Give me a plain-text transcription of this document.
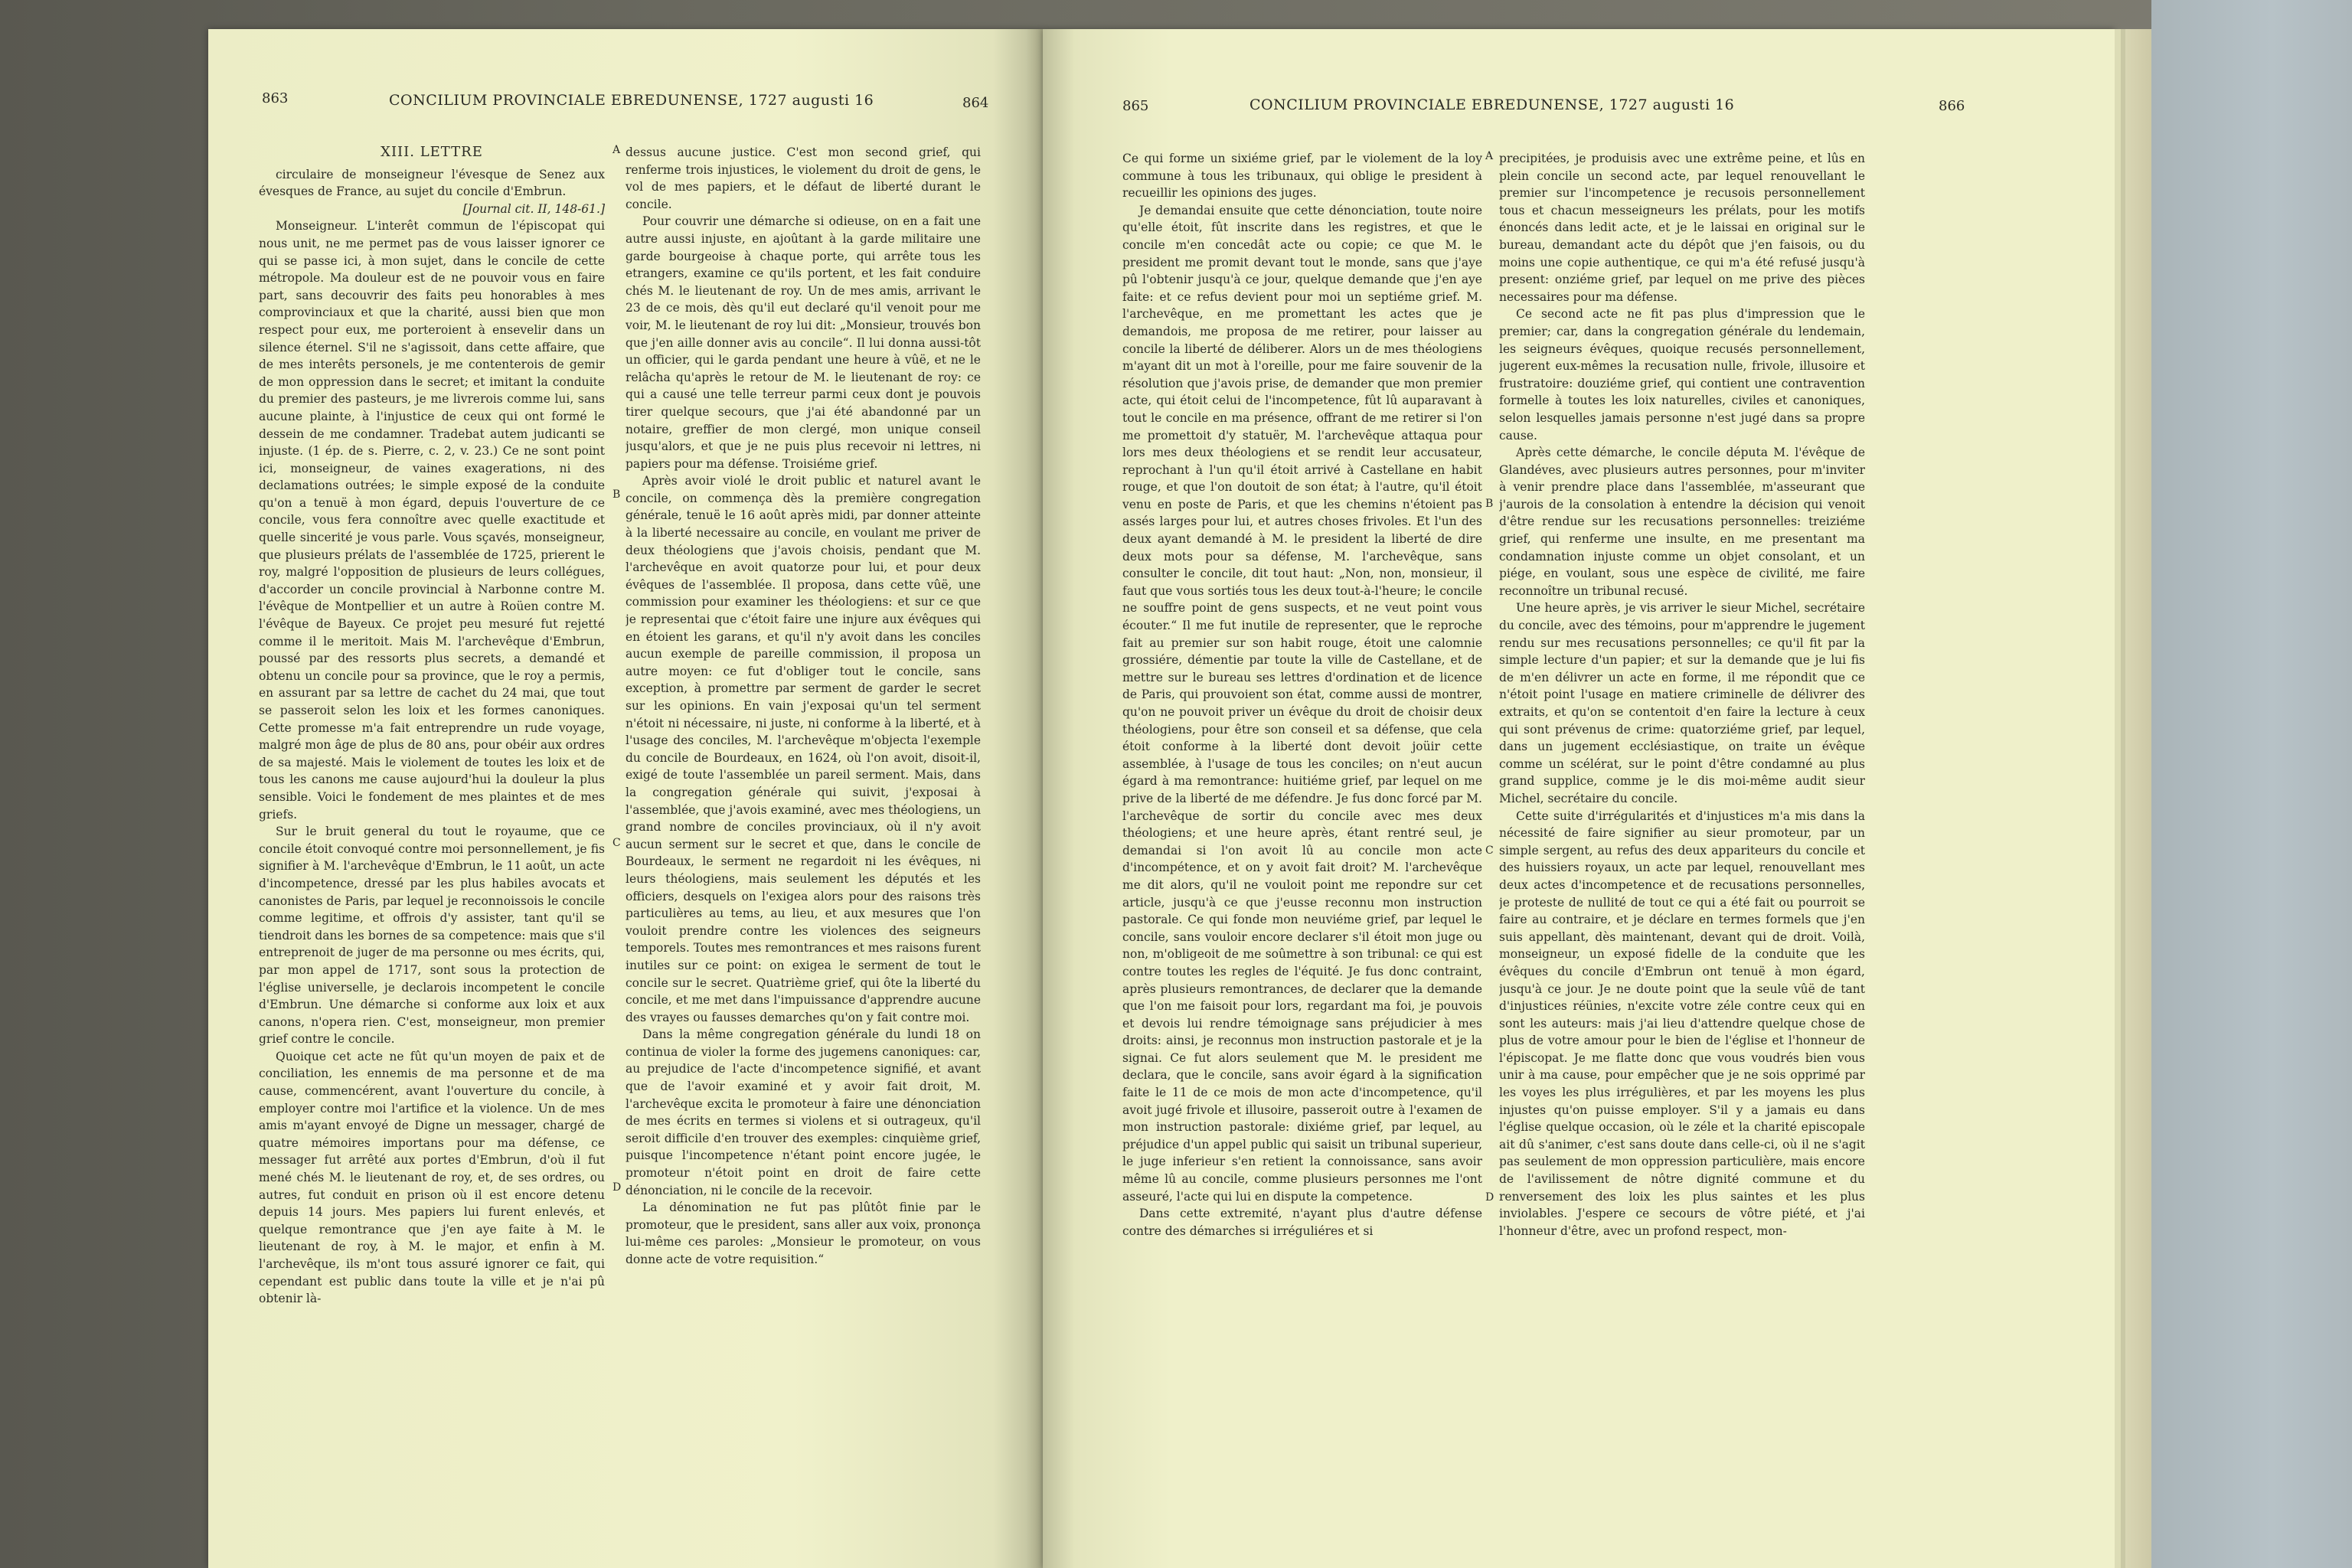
863	CONCILIUM PROVINCIALE EBREDUNENSE, 1727 augusti 16	864
XIII. LETTRE

circulaire de monseigneur l'évesque de Senez aux évesques de France, au sujet du concile d'Embrun.

[Journal cit. II, 148-61.]

Monseigneur. L'interêt commun de l'épiscopat qui nous unit, ne me permet pas de vous laisser ignorer ce qui se passe ici, à mon sujet, dans le concile de cette métropole. Ma douleur est de ne pouvoir vous en faire part, sans decouvrir des faits peu honorables à mes comprovinciaux et que la charité, aussi bien que mon respect pour eux, me porteroient à ensevelir dans un silence éternel. S'il ne s'agissoit, dans cette affaire, que de mes interêts personels, je me contenterois de gemir de mon oppression dans le secret; et imitant la conduite du premier des pasteurs, je me livrerois comme lui, sans aucune plainte, à l'injustice de ceux qui ont formé le dessein de me condamner. Tradebat autem judicanti se injuste. (1 ép. de s. Pierre, c. 2, v. 23.) Ce ne sont point ici, monseigneur, de vaines exagerations, ni des declamations outrées; le simple exposé de la conduite qu'on a tenuë à mon égard, depuis l'ouverture de ce concile, vous fera connoître avec quelle exactitude et quelle sincerité je vous parle. Vous sçavés, monseigneur, que plusieurs prélats de l'assemblée de 1725, prierent le roy, malgré l'opposition de plusieurs de leurs collégues, d'accorder un concile provincial à Narbonne contre M. l'évêque de Montpellier et un autre à Roüen contre M. l'évêque de Bayeux. Ce projet peu mesuré fut rejetté comme il le meritoit. Mais M. l'archevêque d'Embrun, poussé par des ressorts plus secrets, a demandé et obtenu un concile pour sa province, que le roy a permis, en assurant par sa lettre de cachet du 24 mai, que tout se passeroit selon les loix et les formes canoniques. Cette promesse m'a fait entreprendre un rude voyage, malgré mon âge de plus de 80 ans, pour obéir aux ordres de sa majesté. Mais le violement de toutes les loix et de tous les canons me cause aujourd'hui la douleur la plus sensible. Voici le fondement de mes plaintes et de mes griefs.

Sur le bruit general du tout le royaume, que ce concile étoit convoqué contre moi personnellement, je fis signifier à M. l'archevêque d'Embrun, le 11 août, un acte d'incompetence, dressé par les plus habiles avocats et canonistes de Paris, par lequel je reconnoissois le concile comme legitime, et offrois d'y assister, tant qu'il se tiendroit dans les bornes de sa competence: mais que s'il entreprenoit de juger de ma personne ou mes écrits, qui, par mon appel de 1717, sont sous la protection de l'église universelle, je declarois incompetent le concile d'Embrun. Une démarche si conforme aux loix et aux canons, n'opera rien. C'est, monseigneur, mon premier grief contre le concile.

Quoique cet acte ne fût qu'un moyen de paix et de conciliation, les ennemis de ma personne et de ma cause, commencérent, avant l'ouverture du concile, à employer contre moi l'artifice et la violence. Un de mes amis m'ayant envoyé de Digne un messager, chargé de quatre mémoires importans pour ma défense, ce messager fut arrêté aux portes d'Embrun, d'où il fut mené chés M. le lieutenant de roy, et, de ses ordres, ou autres, fut conduit en prison où il est encore detenu depuis 14 jours. Mes papiers lui furent enlevés, et quelque remontrance que j'en aye faite à M. le lieutenant de roy, à M. le major, et enfin à M. l'archevêque, ils m'ont tous assuré ignorer ce fait, qui cependant est public dans toute la ville et je n'ai pû obtenir là-

A
B
C
D

dessus aucune justice. C'est mon second grief, qui renferme trois injustices, le violement du droit de gens, le vol de mes papiers, et le défaut de liberté durant le concile.

Pour couvrir une démarche si odieuse, on en a fait une autre aussi injuste, en ajoûtant à la garde militaire une garde bourgeoise à chaque porte, qui arrête tous les etrangers, examine ce qu'ils portent, et les fait conduire chés M. le lieutenant de roy. Un de mes amis, arrivant le 23 de ce mois, dès qu'il eut declaré qu'il venoit pour me voir, M. le lieutenant de roy lui dit: „Monsieur, trouvés bon que j'en aille donner avis au concile“. Il lui donna aussi-tôt un officier, qui le garda pendant une heure à vûë, et ne le relâcha qu'après le retour de M. le lieutenant de roy: ce qui a causé une telle terreur parmi ceux dont je pouvois tirer quelque secours, que j'ai été abandonné par un notaire, greffier de mon clergé, mon unique conseil jusqu'alors, et que je ne puis plus recevoir ni lettres, ni papiers pour ma défense. Troisiéme grief.

Après avoir violé le droit public et naturel avant le concile, on commença dès la première congregation générale, tenuë le 16 août après midi, par donner atteinte à la liberté necessaire au concile, en voulant me priver de deux théologiens que j'avois choisis, pendant que M. l'archevêque en avoit quatorze pour lui, et pour deux évêques de l'assemblée. Il proposa, dans cette vûë, une commission pour examiner les théologiens: et sur ce que je representai que c'étoit faire une injure aux évêques qui en étoient les garans, et qu'il n'y avoit dans les conciles aucun exemple de pareille commission, il proposa un autre moyen: ce fut d'obliger tout le concile, sans exception, à promettre par serment de garder le secret sur les opinions. En vain j'exposai qu'un tel serment n'étoit ni nécessaire, ni juste, ni conforme à la liberté, et à l'usage des conciles, M. l'archevêque m'objecta l'exemple du concile de Bourdeaux, en 1624, où l'on avoit, disoit-il, exigé de toute l'assemblée un pareil serment. Mais, dans la congregation générale qui suivit, j'exposai à l'assemblée, que j'avois examiné, avec mes théologiens, un grand nombre de conciles provinciaux, où il n'y avoit aucun serment sur le secret et que, dans le concile de Bourdeaux, le serment ne regardoit ni les évêques, ni leurs théologiens, mais seulement les députés et les officiers, desquels on l'exigea alors pour des raisons très particulières au tems, au lieu, et aux mesures que l'on vouloit prendre contre les violences des seigneurs temporels. Toutes mes remontrances et mes raisons furent inutiles sur ce point: on exigea le serment de tout le concile sur le secret. Quatrième grief, qui ôte la liberté du concile, et me met dans l'impuissance d'apprendre aucune des vrayes ou fausses demarches qu'on y fait contre moi.

Dans la même congregation générale du lundi 18 on continua de violer la forme des jugemens canoniques: car, au prejudice de l'acte d'incompetence signifié, et avant que de l'avoir examiné et y avoir fait droit, M. l'archevêque excita le promoteur à faire une dénonciation de mes écrits en termes si violens et si outrageux, qu'il seroit difficile d'en trouver des exemples: cinquième grief, puisque l'incompetence n'étant point encore jugée, le promoteur n'étoit point en droit de faire cette dénonciation, ni le concile de la recevoir.

La dénomination ne fut pas plûtôt finie par le promoteur, que le president, sans aller aux voix, prononça lui-même ces paroles: „Monsieur le promoteur, on vous donne acte de votre requisition.“

865	CONCILIUM PROVINCIALE EBREDUNENSE, 1727 augusti 16	866

Ce qui forme un sixiéme grief, par le violement de la loy commune à tous les tribunaux, qui oblige le president à recueillir les opinions des juges.

Je demandai ensuite que cette dénonciation, toute noire qu'elle étoit, fût inscrite dans les registres, et que le concile m'en concedât acte ou copie; ce que M. le president me promit devant tout le monde, sans que j'aye pû l'obtenir jusqu'à ce jour, quelque demande que j'en aye faite: et ce refus devient pour moi un septiéme grief. M. l'archevêque, en me promettant les actes que je demandois, me proposa de me retirer, pour laisser au concile la liberté de déliberer. Alors un de mes théologiens m'ayant dit un mot à l'oreille, pour me faire souvenir de la résolution que j'avois prise, de demander que mon premier acte, qui étoit celui de l'incompetence, fût lû auparavant à tout le concile en ma présence, offrant de me retirer si l'on me promettoit d'y statuër, M. l'archevêque attaqua pour lors mes deux théologiens et se rendit leur accusateur, reprochant à l'un qu'il étoit arrivé à Castellane en habit rouge, et que l'on doutoit de son état; à l'autre, qu'il étoit venu en poste de Paris, et que les chemins n'étoient pas assés larges pour lui, et autres choses frivoles. Et l'un des deux ayant demandé à M. le president la liberté de dire deux mots pour sa défense, M. l'archevêque, sans consulter le concile, dit tout haut: „Non, non, monsieur, il faut que vous sortiés tous les deux tout-à-l'heure; le concile ne souffre point de gens suspects, et ne veut point vous écouter.“ Il me fut inutile de representer, que le reproche fait au premier sur son habit rouge, étoit une calomnie grossiére, démentie par toute la ville de Castellane, et de mettre sur le bureau ses lettres d'ordination et de licence de Paris, qui prouvoient son état, comme aussi de montrer, qu'on ne pouvoit priver un évêque du droit de choisir deux théologiens, pour être son conseil et sa défense, que cela étoit conforme à la liberté dont devoit joüir cette assemblée, à l'usage de tous les conciles; on n'eut aucun égard à ma remontrance: huitiéme grief, par lequel on me prive de la liberté de me défendre. Je fus donc forcé par M. l'archevêque de sortir du concile avec mes deux théologiens; et une heure après, étant rentré seul, je demandai si l'on avoit lû au concile mon acte d'incompétence, et on y avoit fait droit? M. l'archevêque me dit alors, qu'il ne vouloit point me repondre sur cet article, jusqu'à ce que j'eusse reconnu mon instruction pastorale. Ce qui fonde mon neuviéme grief, par lequel le concile, sans vouloir encore declarer s'il étoit mon juge ou non, m'obligeoit de me soûmettre à son tribunal: ce qui est contre toutes les regles de l'équité. Je fus donc contraint, après plusieurs remontrances, de declarer que la demande que l'on me faisoit pour lors, regardant ma foi, je pouvois et devois lui rendre témoignage sans préjudicier à mes droits: ainsi, je reconnus mon instruction pastorale et je la signai. Ce fut alors seulement que M. le president me declara, que le concile, sans avoir égard à la signification faite le 11 de ce mois de mon acte d'incompetence, qu'il avoit jugé frivole et illusoire, passeroit outre à l'examen de mon instruction pastorale: dixiéme grief, par lequel, au préjudice d'un appel public qui saisit un tribunal superieur, le juge inferieur s'en retient la connoissance, sans avoir même lû au concile, comme plusieurs personnes me l'ont asseuré, l'acte qui lui en dispute la competence.

Dans cette extremité, n'ayant plus d'autre défense contre des démarches si irréguliéres et si

A
B
C
D

precipitées, je produisis avec une extrême peine, et lûs en plein concile un second acte, par lequel renouvellant le premier sur l'incompetence je recusois personnellement tous et chacun messeigneurs les prélats, pour les motifs énoncés dans ledit acte, et je le laissai en original sur le bureau, demandant acte du dépôt que j'en faisois, ou du moins une copie authentique, ce qui m'a été refusé jusqu'à present: onziéme grief, par lequel on me prive des pièces necessaires pour ma défense.

Ce second acte ne fit pas plus d'impression que le premier; car, dans la congregation générale du lendemain, les seigneurs évêques, quoique recusés personnellement, jugerent eux-mêmes la recusation nulle, frivole, illusoire et frustratoire: douziéme grief, qui contient une contravention formelle à toutes les loix naturelles, civiles et canoniques, selon lesquelles jamais personne n'est jugé dans sa propre cause.

Après cette démarche, le concile députa M. l'évêque de Glandéves, avec plusieurs autres personnes, pour m'inviter à venir prendre place dans l'assemblée, m'asseurant que j'aurois de la consolation à entendre la décision qui venoit d'être rendue sur les recusations personnelles: treiziéme grief, qui renferme une insulte, en me presentant ma condamnation injuste comme un objet consolant, et un piége, en voulant, sous une espèce de civilité, me faire reconnoître un tribunal recusé.

Une heure après, je vis arriver le sieur Michel, secrétaire du concile, avec des témoins, pour m'apprendre le jugement rendu sur mes recusations personnelles; ce qu'il fit par la simple lecture d'un papier; et sur la demande que je lui fis de m'en délivrer un acte en forme, il me répondit que ce n'étoit point l'usage en matiere criminelle de délivrer des extraits, et qu'on se contentoit d'en faire la lecture à ceux qui sont prévenus de crime: quatorziéme grief, par lequel, dans un jugement ecclésiastique, on traite un évêque comme un scélérat, sur le point d'être condamné au plus grand supplice, comme je le dis moi-même audit sieur Michel, secrétaire du concile.

Cette suite d'irrégularités et d'injustices m'a mis dans la nécessité de faire signifier au sieur promoteur, par un simple sergent, au refus des deux appariteurs du concile et des huissiers royaux, un acte par lequel, renouvellant mes deux actes d'incompetence et de recusations personnelles, je proteste de nullité de tout ce qui a été fait ou pourroit se faire au contraire, et je déclare en termes formels que j'en suis appellant, dès maintenant, devant qui de droit. Voilà, monseigneur, un exposé fidelle de la conduite que les évêques du concile d'Embrun ont tenuë à mon égard, jusqu'à ce jour. Je ne doute point que la seule vûë de tant d'injustices réünies, n'excite votre zéle contre ceux qui en sont les auteurs: mais j'ai lieu d'attendre quelque chose de plus de votre amour pour le bien de l'église et l'honneur de l'épiscopat. Je me flatte donc que vous voudrés bien vous unir à ma cause, pour empêcher que je ne sois opprimé par les voyes les plus irrégulières, et par les moyens les plus injustes qu'on puisse employer. S'il y a jamais eu dans l'église quelque occasion, où le zéle et la charité episcopale ait dû s'animer, c'est sans doute dans celle-ci, où il ne s'agit pas seulement de mon oppression particulière, mais encore de l'avilissement de nôtre dignité commune et du renversement des loix les plus saintes et les plus inviolables. J'espere ce secours de vôtre piété, et j'ai l'honneur d'être, avec un profond respect, mon-
